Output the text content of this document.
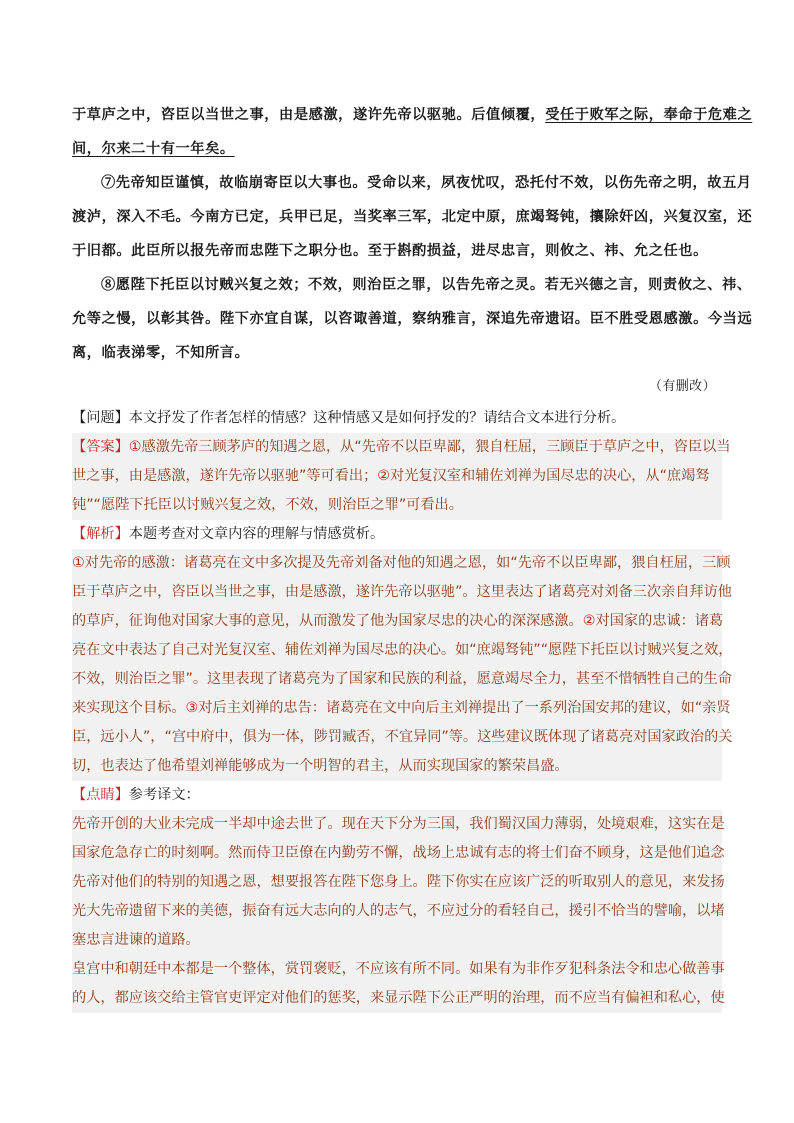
于草庐之中，咨臣以当世之事，由是感激，遂许先帝以驱驰。后值倾覆，受任于败军之际，奉命于危难之
间，尔来二十有一年矣。
⑦先帝知臣谨慎，故临崩寄臣以大事也。受命以来，夙夜忧叹，恐托付不效，以伤先帝之明，故五月
渡泸，深入不毛。今南方已定，兵甲已足，当奖率三军，北定中原，庶竭驽钝，攘除奸凶，兴复汉室，还
于旧都。此臣所以报先帝而忠陛下之职分也。至于斟酌损益，进尽忠言，则攸之、祎、允之任也。
⑧愿陛下托臣以讨贼兴复之效；不效，则治臣之罪，以告先帝之灵。若无兴德之言，则责攸之、祎、
允等之慢，以彰其咎。陛下亦宜自谋，以咨诹善道，察纳雅言，深追先帝遗诏。臣不胜受恩感激。今当远
离，临表涕零，不知所言。
（有删改）
【问题】本文抒发了作者怎样的情感？这种情感又是如何抒发的？请结合文本进行分析。
【答案】①感激先帝三顾茅庐的知遇之恩，从“先帝不以臣卑鄙，猥自枉屈，三顾臣于草庐之中，咨臣以当
世之事，由是感激，遂许先帝以驱驰”等可看出；②对光复汉室和辅佐刘禅为国尽忠的决心，从“庶竭驽
钝”“愿陛下托臣以讨贼兴复之效，不效，则治臣之罪”可看出。
【解析】本题考查对文章内容的理解与情感赏析。
①对先帝的感激：诸葛亮在文中多次提及先帝刘备对他的知遇之恩，如“先帝不以臣卑鄙，猥自枉屈，三顾
臣于草庐之中，咨臣以当世之事，由是感激，遂许先帝以驱驰”。这里表达了诸葛亮对刘备三次亲自拜访他
的草庐，征询他对国家大事的意见，从而激发了他为国家尽忠的决心的深深感激。②对国家的忠诚：诸葛
亮在文中表达了自己对光复汉室、辅佐刘禅为国尽忠的决心。如“庶竭驽钝”“愿陛下托臣以讨贼兴复之效，
不效，则治臣之罪”。这里表现了诸葛亮为了国家和民族的利益，愿意竭尽全力，甚至不惜牺牲自己的生命
来实现这个目标。③对后主刘禅的忠告：诸葛亮在文中向后主刘禅提出了一系列治国安邦的建议，如“亲贤
臣，远小人”，“宫中府中，俱为一体，陟罚臧否，不宜异同”等。这些建议既体现了诸葛亮对国家政治的关
切，也表达了他希望刘禅能够成为一个明智的君主，从而实现国家的繁荣昌盛。
【点睛】参考译文：
先帝开创的大业未完成一半却中途去世了。现在天下分为三国，我们蜀汉国力薄弱，处境艰难，这实在是
国家危急存亡的时刻啊。然而侍卫臣僚在内勤劳不懈，战场上忠诚有志的将士们奋不顾身，这是他们追念
先帝对他们的特别的知遇之恩，想要报答在陛下您身上。陛下你实在应该广泛的听取别人的意见，来发扬
光大先帝遗留下来的美德，振奋有远大志向的人的志气，不应过分的看轻自己，援引不恰当的譬喻，以堵
塞忠言进谏的道路。
皇宫中和朝廷中本都是一个整体，赏罚褒贬，不应该有所不同。如果有为非作歹犯科条法令和忠心做善事
的人，都应该交给主管官吏评定对他们的惩奖，来显示陛下公正严明的治理，而不应当有偏袒和私心，使
